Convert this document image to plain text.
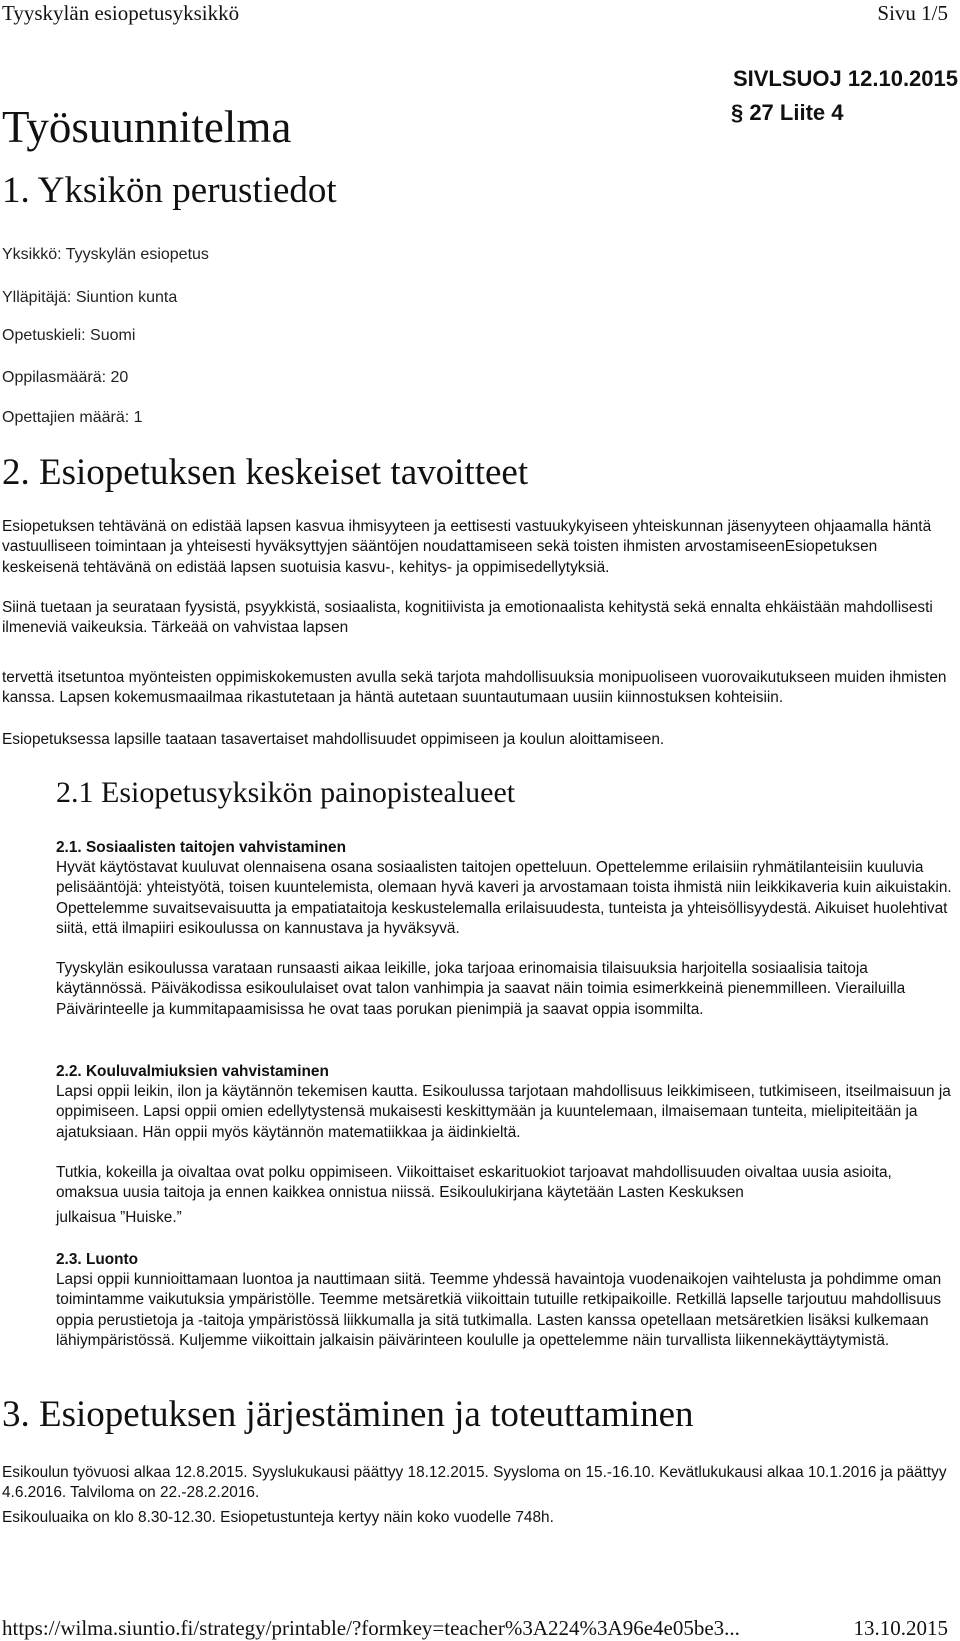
Tyyskylän esiopetusyksikkö	Sivu 1/5
SIVLSUOJ 12.10.2015
§ 27 Liite 4
Työsuunnitelma
1. Yksikön perustiedot
Yksikkö: Tyyskylän esiopetus
Ylläpitäjä: Siuntion kunta
Opetuskieli: Suomi
Oppilasmäärä: 20
Opettajien määrä: 1
2. Esiopetuksen keskeiset tavoitteet

Esiopetuksen tehtävänä on edistää lapsen kasvua ihmisyyteen ja eettisesti vastuukykyiseen yhteiskunnan jäsenyyteen ohjaamalla häntä vastuulliseen toimintaan ja yhteisesti hyväksyttyjen sääntöjen noudattamiseen sekä toisten ihmisten arvostamiseenEsiopetuksen keskeisenä tehtävänä on edistää lapsen suotuisia kasvu-, kehitys- ja oppimisedellytyksiä.

Siinä tuetaan ja seurataan fyysistä, psyykkistä, sosiaalista, kognitiivista ja emotionaalista kehitystä sekä ennalta ehkäistään mahdollisesti ilmeneviä vaikeuksia. Tärkeää on vahvistaa lapsen

tervettä itsetuntoa myönteisten oppimiskokemusten avulla sekä tarjota mahdollisuuksia monipuoliseen vuorovaikutukseen muiden ihmisten kanssa. Lapsen kokemusmaailmaa rikastutetaan ja häntä autetaan suuntautumaan uusiin kiinnostuksen kohteisiin.

Esiopetuksessa lapsille taataan tasavertaiset mahdollisuudet oppimiseen ja koulun aloittamiseen.

2.1 Esiopetusyksikön painopistealueet
2.1. Sosiaalisten taitojen vahvistaminen

Hyvät käytöstavat kuuluvat olennaisena osana sosiaalisten taitojen opetteluun. Opettelemme erilaisiin ryhmätilanteisiin kuuluvia pelisääntöjä: yhteistyötä, toisen kuuntelemista, olemaan hyvä kaveri ja arvostamaan toista ihmistä niin leikkikaveria kuin aikuistakin. Opettelemme suvaitsevaisuutta ja empatiataitoja keskustelemalla erilaisuudesta, tunteista ja yhteisöllisyydestä. Aikuiset huolehtivat siitä, että ilmapiiri esikoulussa on kannustava ja hyväksyvä.

Tyyskylän esikoulussa varataan runsaasti aikaa leikille, joka tarjoaa erinomaisia tilaisuuksia harjoitella sosiaalisia taitoja käytännössä. Päiväkodissa esikoululaiset ovat talon vanhimpia ja saavat näin toimia esimerkkeinä pienemmilleen. Vierailuilla Päivärinteelle ja kummitapaamisissa he ovat taas porukan pienimpiä ja saavat oppia isommilta.

2.2. Kouluvalmiuksien vahvistaminen

Lapsi oppii leikin, ilon ja käytännön tekemisen kautta. Esikoulussa tarjotaan mahdollisuus leikkimiseen, tutkimiseen, itseilmaisuun ja oppimiseen. Lapsi oppii omien edellytystensä mukaisesti keskittymään ja kuuntelemaan, ilmaisemaan tunteita, mielipiteitään ja ajatuksiaan. Hän oppii myös käytännön matematiikkaa ja äidinkieltä.

Tutkia, kokeilla ja oivaltaa ovat polku oppimiseen. Viikoittaiset eskarituokiot tarjoavat mahdollisuuden oivaltaa uusia asioita, omaksua uusia taitoja ja ennen kaikkea onnistua niissä. Esikoulukirjana käytetään Lasten Keskuksen

julkaisua ”Huiske.”

2.3. Luonto

Lapsi oppii kunnioittamaan luontoa ja nauttimaan siitä. Teemme yhdessä havaintoja vuodenaikojen vaihtelusta ja pohdimme oman toimintamme vaikutuksia ympäristölle. Teemme metsäretkiä viikoittain tutuille retkipaikoille. Retkillä lapselle tarjoutuu mahdollisuus oppia perustietoja ja -taitoja ympäristössä liikkumalla ja sitä tutkimalla. Lasten kanssa opetellaan metsäretkien lisäksi kulkemaan lähiympäristössä. Kuljemme viikoittain jalkaisin päivärinteen koululle ja opettelemme näin turvallista liikennekäyttäytymistä.

3. Esiopetuksen järjestäminen ja toteuttaminen

Esikoulun työvuosi alkaa 12.8.2015. Syyslukukausi päättyy 18.12.2015. Syysloma on 15.-16.10. Kevätlukukausi alkaa 10.1.2016 ja päättyy 4.6.2016. Talviloma on 22.-28.2.2016.

Esikouluaika on klo 8.30-12.30. Esiopetustunteja kertyy näin koko vuodelle 748h.

https://wilma.siuntio.fi/strategy/printable/?formkey=teacher%3A224%3A96e4e05be3...	13.10.2015
